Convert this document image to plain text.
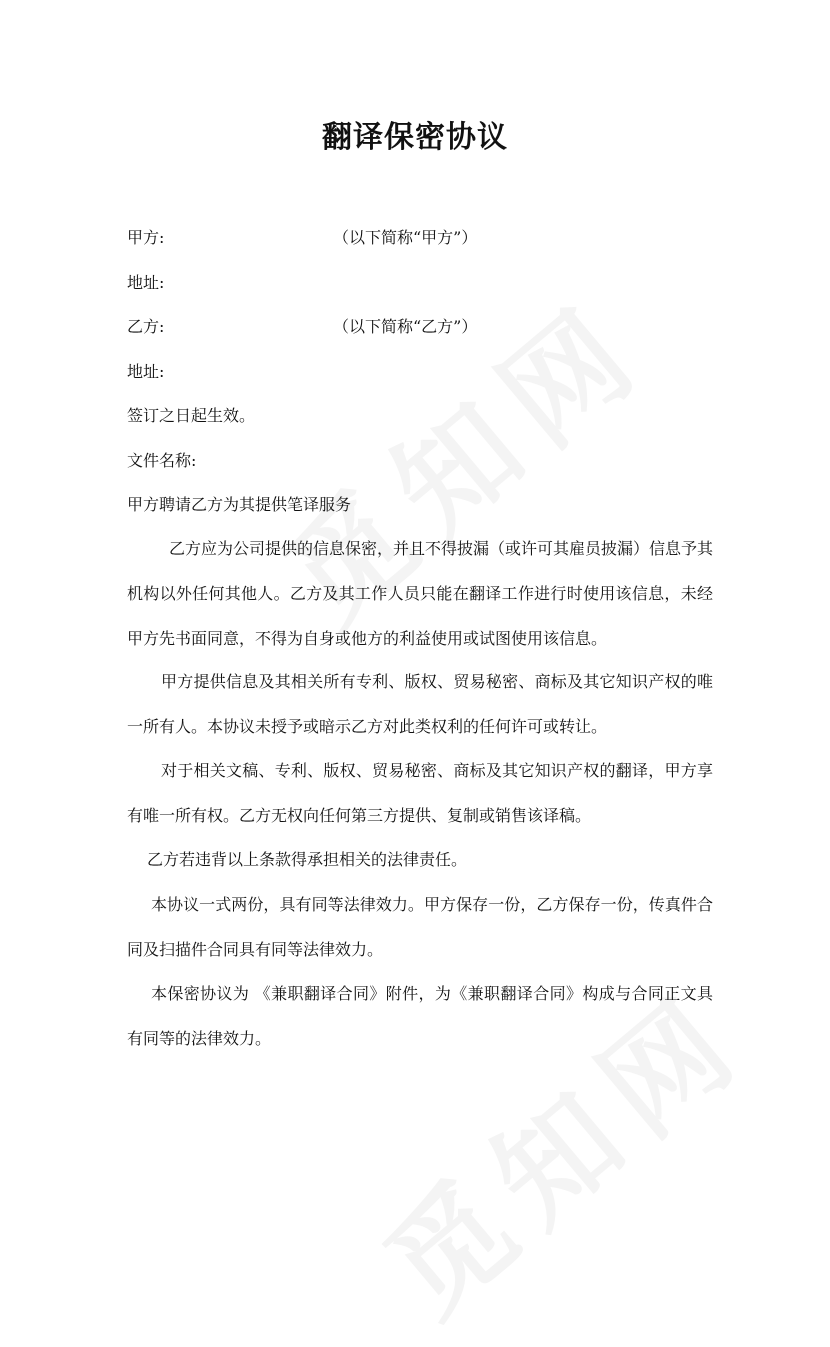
翻译保密协议
甲方:	（以下简称“甲方”）
地址:
乙方:	（以下简称“乙方”）
地址:
签订之日起生效。
文件名称:
甲方聘请乙方为其提供笔译服务
乙方应为公司提供的信息保密，并且不得披漏（或许可其雇员披漏）信息予其机构以外任何其他人。乙方及其工作人员只能在翻译工作进行时使用该信息，未经甲方先书面同意，不得为自身或他方的利益使用或试图使用该信息。
甲方提供信息及其相关所有专利、版权、贸易秘密、商标及其它知识产权的唯一所有人。本协议未授予或暗示乙方对此类权利的任何许可或转让。
对于相关文稿、专利、版权、贸易秘密、商标及其它知识产权的翻译，甲方享有唯一所有权。乙方无权向任何第三方提供、复制或销售该译稿。
乙方若违背以上条款得承担相关的法律责任。
本协议一式两份，具有同等法律效力。甲方保存一份，乙方保存一份，传真件合同及扫描件合同具有同等法律效力。
本保密协议为 《兼职翻译合同》附件，为《兼职翻译合同》构成与合同正文具有同等的法律效力。
